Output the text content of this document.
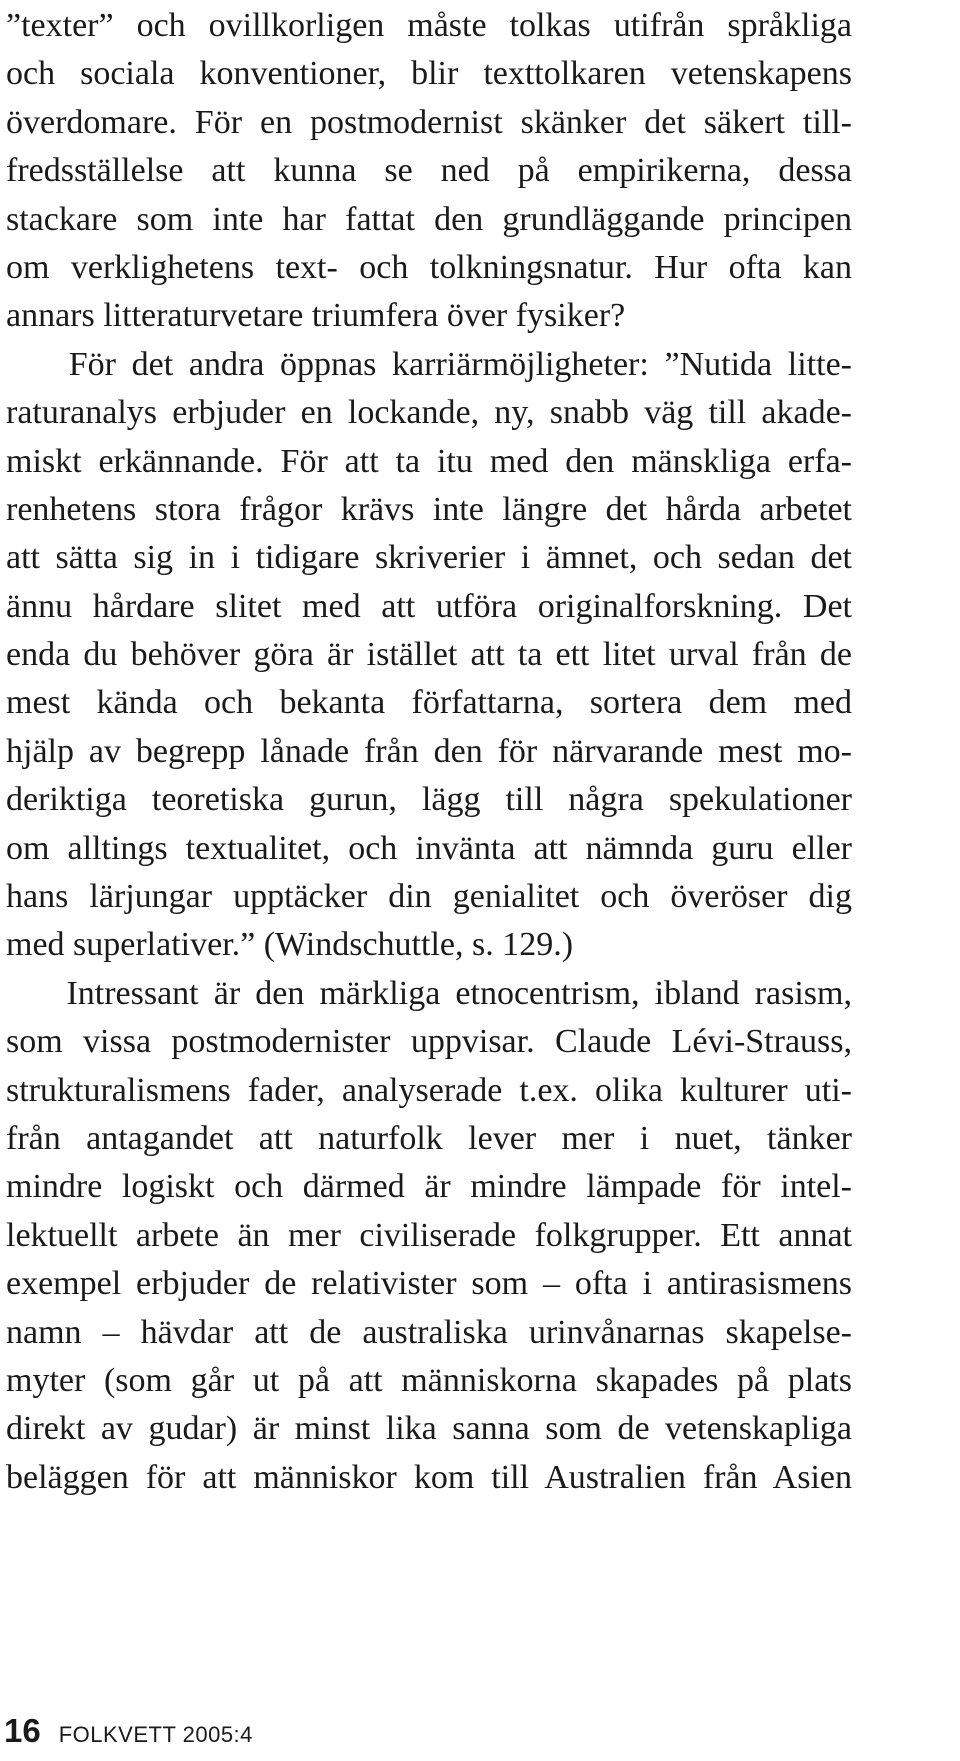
”texter” och ovillkorligen måste tolkas utifrån språkliga
och sociala konventioner, blir texttolkaren vetenskapens
överdomare. För en postmodernist skänker det säkert till-
fredsställelse att kunna se ned på empirikerna, dessa
stackare som inte har fattat den grundläggande principen
om verklighetens text- och tolkningsnatur. Hur ofta kan
annars litteraturvetare triumfera över fysiker?
För det andra öppnas karriärmöjligheter: ”Nutida litte-
raturanalys erbjuder en lockande, ny, snabb väg till akade-
miskt erkännande. För att ta itu med den mänskliga erfa-
renhetens stora frågor krävs inte längre det hårda arbetet
att sätta sig in i tidigare skriverier i ämnet, och sedan det
ännu hårdare slitet med att utföra originalforskning. Det
enda du behöver göra är istället att ta ett litet urval från de
mest kända och bekanta författarna, sortera dem med
hjälp av begrepp lånade från den för närvarande mest mo-
deriktiga teoretiska gurun, lägg till några spekulationer
om alltings textualitet, och invänta att nämnda guru eller
hans lärjungar upptäcker din genialitet och överöser dig
med superlativer.” (Windschuttle, s. 129.)
Intressant är den märkliga etnocentrism, ibland rasism,
som vissa postmodernister uppvisar. Claude Lévi-Strauss,
strukturalismens fader, analyserade t.ex. olika kulturer uti-
från antagandet att naturfolk lever mer i nuet, tänker
mindre logiskt och därmed är mindre lämpade för intel-
lektuellt arbete än mer civiliserade folkgrupper. Ett annat
exempel erbjuder de relativister som – ofta i antirasismens
namn – hävdar att de australiska urinvånarnas skapelse-
myter (som går ut på att människorna skapades på plats
direkt av gudar) är minst lika sanna som de vetenskapliga
beläggen för att människor kom till Australien från Asien
16 FOLKVETT 2005:4
